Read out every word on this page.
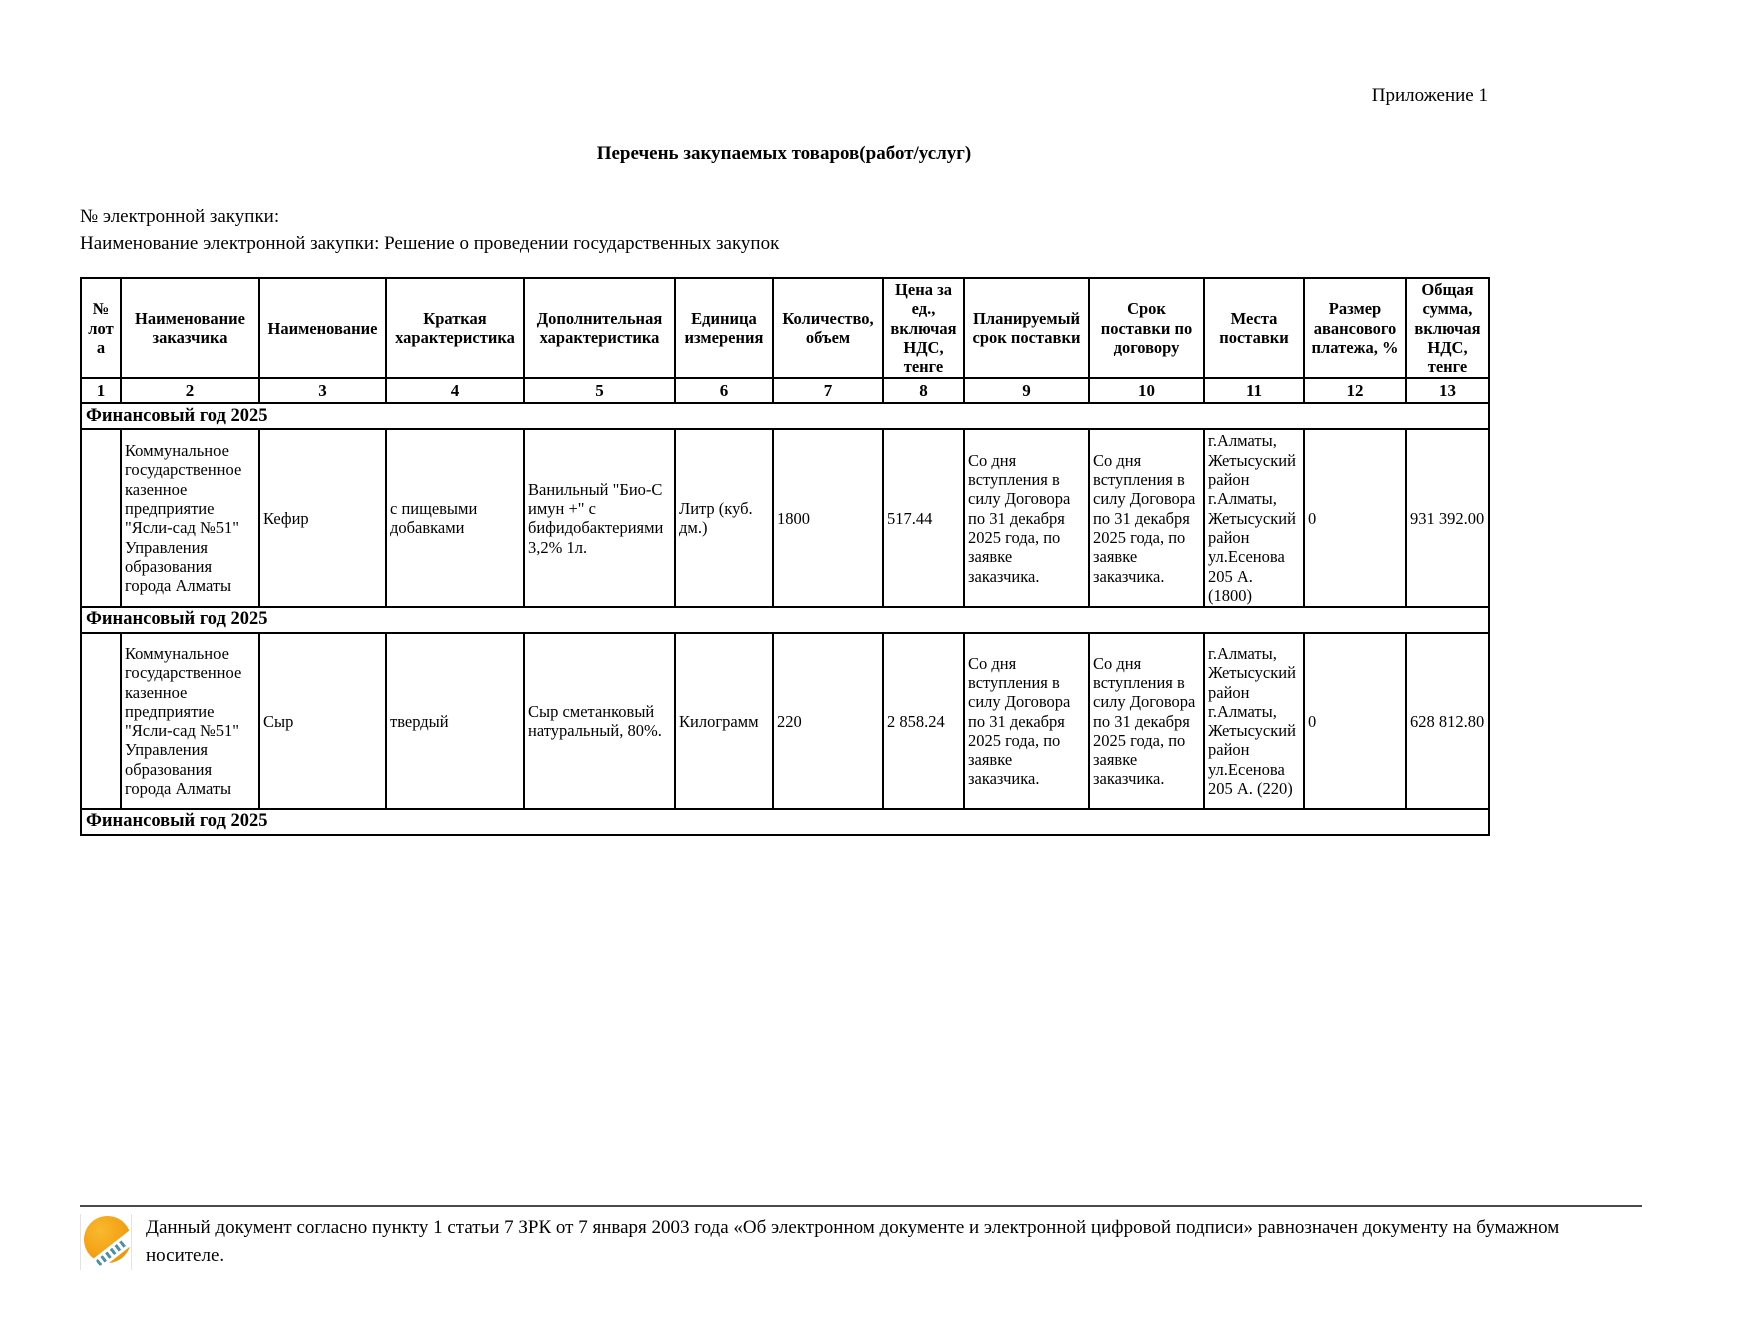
Приложение 1
Перечень закупаемых товаров(работ/услуг)
№ электронной закупки:
Наименование электронной закупки: Решение о проведении государственных закупок
№ лота	Наименование заказчика	Наименование	Краткая характеристика	Дополнительная характеристика	Единица измерения	Количество, объем	Цена за ед., включая НДС, тенге	Планируемый срок поставки	Срок поставки по договору	Места поставки	Размер авансового платежа, %	Общая сумма, включая НДС, тенге
1	2	3	4	5	6	7	8	9	10	11	12	13
Финансовый год 2025												
	Коммунальное государственное казенное предприятие "Ясли-сад №51" Управления образования города Алматы	Кефир	с пищевыми добавками	Ванильный "Био-С имун +" с бифидобактериями 3,2% 1л.	Литр (куб. дм.)	1800	517.44	Со дня вступления в силу Договора по 31 декабря 2025 года, по заявке заказчика.	Со дня вступления в силу Договора по 31 декабря 2025 года, по заявке заказчика.	г.Алматы, Жетысуский район г.Алматы, Жетысуский район ул.Есенова 205 А. (1800)	0	931 392.00
Финансовый год 2025												
	Коммунальное государственное казенное предприятие "Ясли-сад №51" Управления образования города Алматы	Сыр	твердый	Сыр сметанковый натуральный, 80%.	Килограмм	220	2 858.24	Со дня вступления в силу Договора по 31 декабря 2025 года, по заявке заказчика.	Со дня вступления в силу Договора по 31 декабря 2025 года, по заявке заказчика.	г.Алматы, Жетысуский район г.Алматы, Жетысуский район ул.Есенова 205 А. (220)	0	628 812.80
Финансовый год 2025												
Данный документ согласно пункту 1 статьи 7 ЗРК от 7 января 2003 года «Об электронном документе и электронной цифровой подписи» равнозначен документу на бумажном носителе.
